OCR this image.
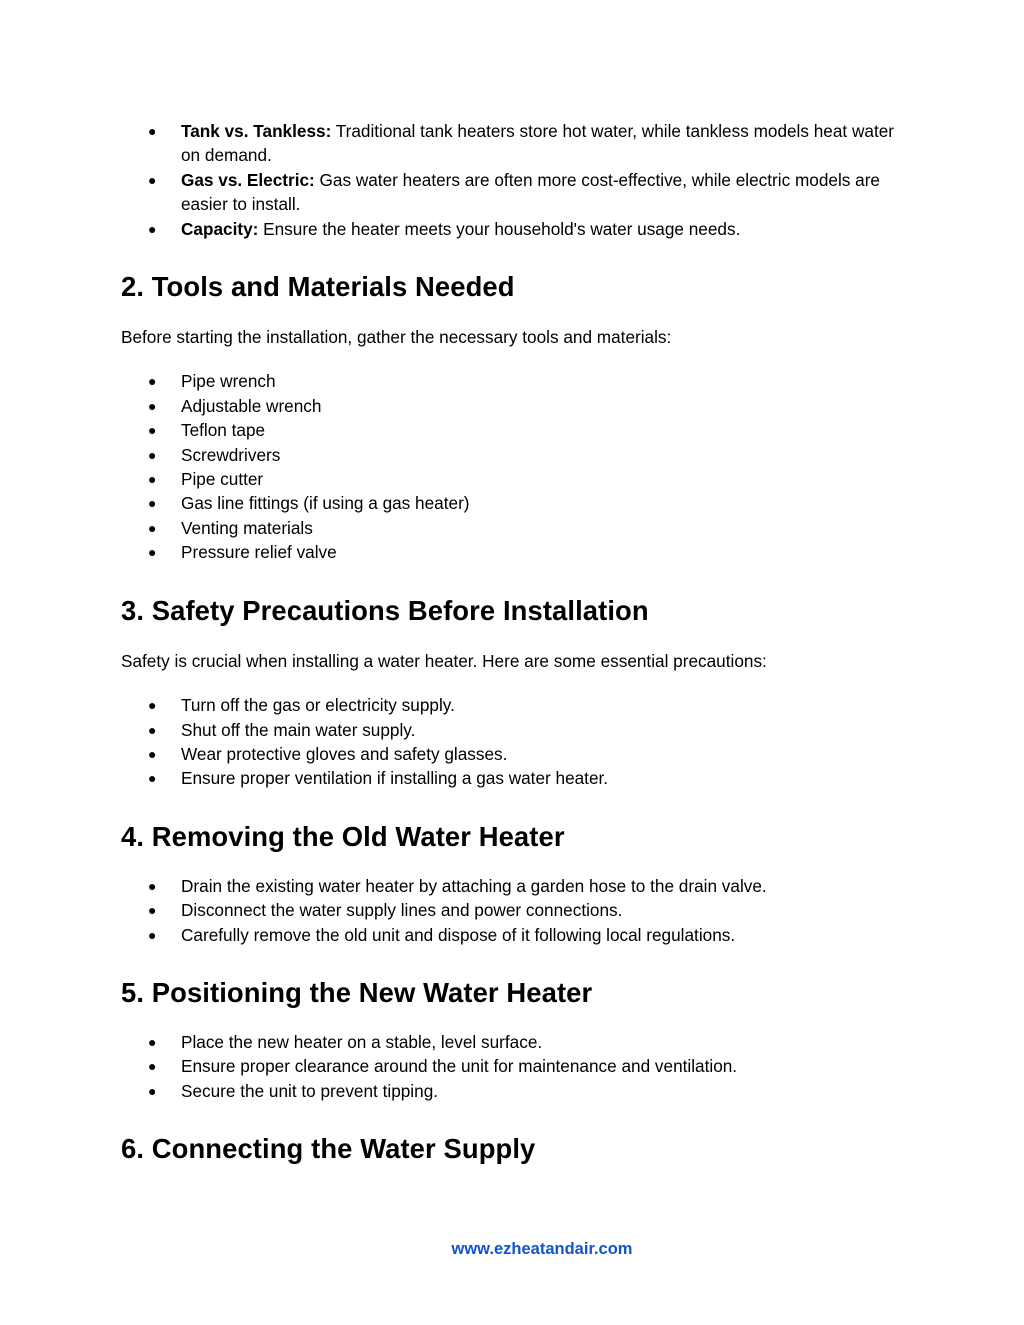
● Tank vs. Tankless: Traditional tank heaters store hot water, while tankless models heat water on demand.
● Gas vs. Electric: Gas water heaters are often more cost-effective, while electric models are easier to install.
● Capacity: Ensure the heater meets your household's water usage needs.
2. Tools and Materials Needed

Before starting the installation, gather the necessary tools and materials:

● Pipe wrench
● Adjustable wrench
● Teflon tape
● Screwdrivers
● Pipe cutter
● Gas line fittings (if using a gas heater)
● Venting materials
● Pressure relief valve
3. Safety Precautions Before Installation

Safety is crucial when installing a water heater. Here are some essential precautions:

● Turn off the gas or electricity supply.
● Shut off the main water supply.
● Wear protective gloves and safety glasses.
● Ensure proper ventilation if installing a gas water heater.
4. Removing the Old Water Heater
● Drain the existing water heater by attaching a garden hose to the drain valve.
● Disconnect the water supply lines and power connections.
● Carefully remove the old unit and dispose of it following local regulations.
5. Positioning the New Water Heater
● Place the new heater on a stable, level surface.
● Ensure proper clearance around the unit for maintenance and ventilation.
● Secure the unit to prevent tipping.
6. Connecting the Water Supply
www.ezheatandair.com
